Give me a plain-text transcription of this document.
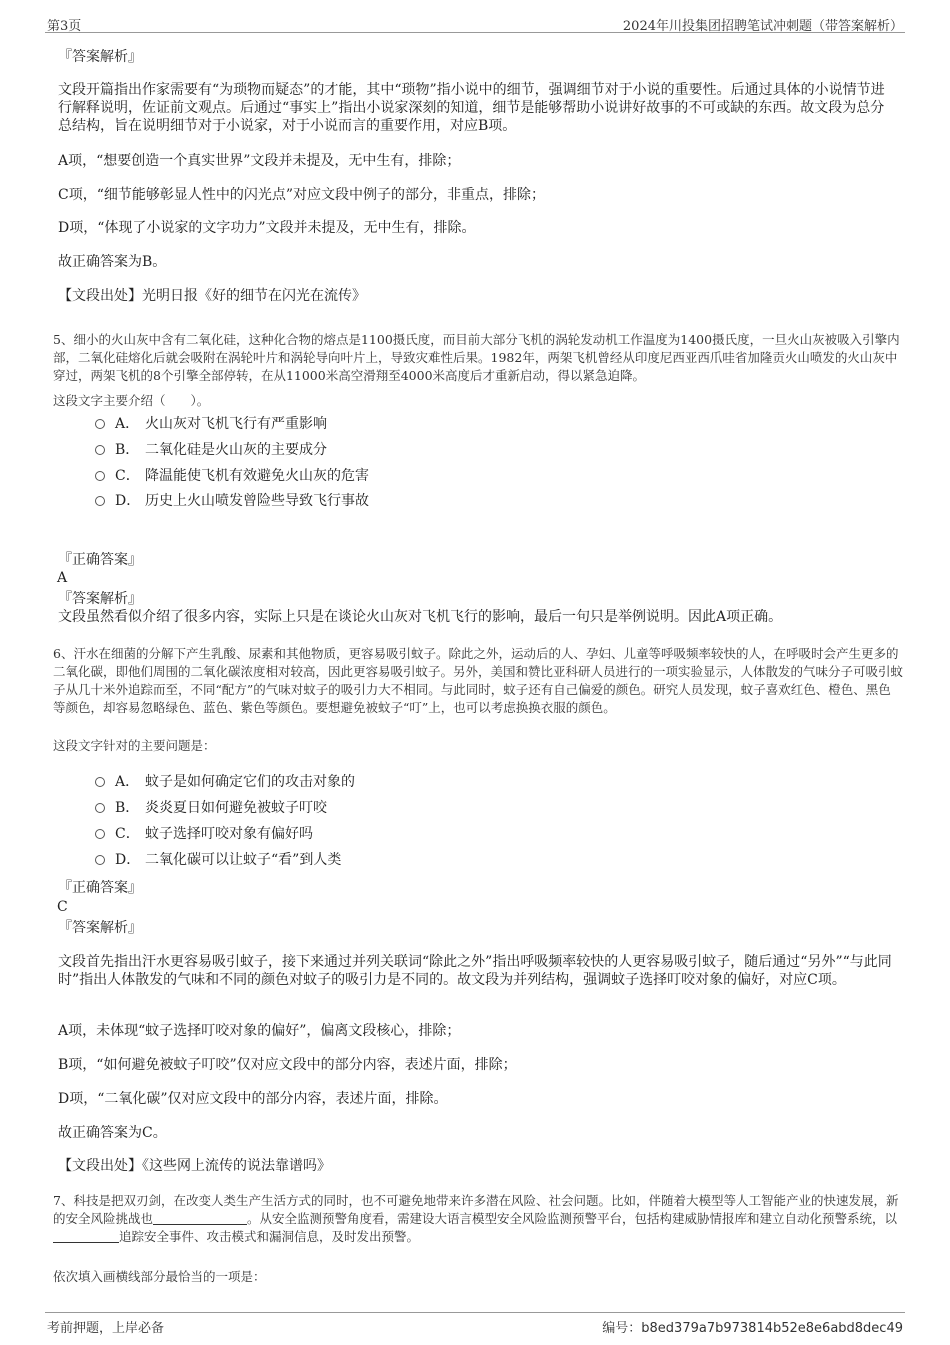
第3页	2024年川投集团招聘笔试冲刺题（带答案解析）
『答案解析』
文段开篇指出作家需要有“为琐物而疑态”的才能，其中“琐物”指小说中的细节，强调细节对于小说的重要性。后通过具体的小说情节进行解释说明，佐证前文观点。后通过“事实上”指出小说家深刻的知道，细节是能够帮助小说讲好故事的不可或缺的东西。故文段为总分总结构，旨在说明细节对于小说家，对于小说而言的重要作用，对应B项。
A项，“想要创造一个真实世界”文段并未提及，无中生有，排除；
C项，“细节能够彰显人性中的闪光点”对应文段中例子的部分，非重点，排除；
D项，“体现了小说家的文字功力”文段并未提及，无中生有，排除。
故正确答案为B。
【文段出处】光明日报《好的细节在闪光在流传》
5、细小的火山灰中含有二氧化硅，这种化合物的熔点是1100摄氏度，而目前大部分飞机的涡轮发动机工作温度为1400摄氏度，一旦火山灰被吸入引擎内部，二氧化硅熔化后就会吸附在涡轮叶片和涡轮导向叶片上，导致灾难性后果。1982年，两架飞机曾经从印度尼西亚西爪哇省加隆贡火山喷发的火山灰中穿过，两架飞机的8个引擎全部停转，在从11000米高空滑翔至4000米高度后才重新启动，得以紧急迫降。
这段文字主要介绍（　　）。
A． 火山灰对飞机飞行有严重影响
B． 二氧化硅是火山灰的主要成分
C． 降温能使飞机有效避免火山灰的危害
D． 历史上火山喷发曾险些导致飞行事故
『正确答案』
A
『答案解析』
文段虽然看似介绍了很多内容，实际上只是在谈论火山灰对飞机飞行的影响，最后一句只是举例说明。因此A项正确。
6、汗水在细菌的分解下产生乳酸、尿素和其他物质，更容易吸引蚊子。除此之外，运动后的人、孕妇、儿童等呼吸频率较快的人，在呼吸时会产生更多的二氧化碳，即他们周围的二氧化碳浓度相对较高，因此更容易吸引蚊子。另外，美国和赞比亚科研人员进行的一项实验显示，人体散发的气味分子可吸引蚊子从几十米外追踪而至，不同“配方”的气味对蚊子的吸引力大不相同。与此同时，蚊子还有自己偏爱的颜色。研究人员发现，蚊子喜欢红色、橙色、黑色等颜色，却容易忽略绿色、蓝色、紫色等颜色。要想避免被蚊子“叮”上，也可以考虑换换衣服的颜色。
这段文字针对的主要问题是：
A． 蚊子是如何确定它们的攻击对象的
B． 炎炎夏日如何避免被蚊子叮咬
C． 蚊子选择叮咬对象有偏好吗
D． 二氧化碳可以让蚊子“看”到人类
『正确答案』
C
『答案解析』
文段首先指出汗水更容易吸引蚊子，接下来通过并列关联词“除此之外”指出呼吸频率较快的人更容易吸引蚊子，随后通过“另外”“与此同时”指出人体散发的气味和不同的颜色对蚊子的吸引力是不同的。故文段为并列结构，强调蚊子选择叮咬对象的偏好，对应C项。
A项，未体现“蚊子选择叮咬对象的偏好”，偏离文段核心，排除；
B项，“如何避免被蚊子叮咬”仅对应文段中的部分内容，表述片面，排除；
D项，“二氧化碳”仅对应文段中的部分内容，表述片面，排除。
故正确答案为C。
【文段出处】《这些网上流传的说法靠谱吗》
7、科技是把双刃剑，在改变人类生产生活方式的同时，也不可避免地带来许多潜在风险、社会问题。比如，伴随着大模型等人工智能产业的快速发展，新的安全风险挑战也	。从安全监测预警角度看，需建设大语言模型安全风险监测预警平台，包括构建威胁情报库和建立自动化预警系统，以追踪安全事件、攻击模式和漏洞信息，及时发出预警。
依次填入画横线部分最恰当的一项是：
考前押题，上岸必备	编号：b8ed379a7b973814b52e8e6abd8dec49
